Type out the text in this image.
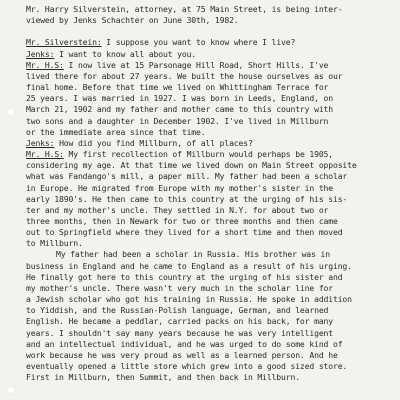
Mr. Harry Silverstein, attorney, at 75 Main Street, is being inter-
viewed by Jenks Schachter on June 30th, 1982.

Mr. Silverstein: I suppose you want to know where I live?
Jenks: I want to know all about you.
Mr. H.S: I now live at 15 Parsonage Hill Road, Short Hills. I've
lived there for about 27 years. We built the house ourselves as our
final home. Before that time we lived on Whittingham Terrace for
25 years. I was married in 1927. I was born in Leeds, England, on
March 21, 1902 and my father and mother came to this country with
two sons and a daughter in December 1902. I've lived in Millburn
or the immediate area since that time.
Jenks: How did you find Millburn, of all places?
Mr. H.S: My first recollection of Millburn would perhaps be 1905,
considering my age. At that time we lived down on Main Street opposite
what was Fandango's mill, a paper mill. My father had been a scholar
in Europe. He migrated from Europe with my mother's sister in the
early 1890's. He then came to this country at the urging of his sis-
ter and my mother's uncle. They settled in N.Y. for about two or
three months, then in Newark for two or three months and then came
out to Springfield where they lived for a short time and then moved
to Millburn.
My father had been a scholar in Russia. His brother was in
business in England and he came to England as a result of his urging.
He finally got here to this country at the urging of his sister and
my mother's uncle. There wasn't very much in the scholar line for
a Jewish scholar who got his training in Russia. He spoke in addition
to Yiddish, and the Russian-Polish language, German, and learned
English. He became a peddlar, carried packs on his back, for many
years. I shouldn't say many years because he was very intelligent
and an intellectual individual, and he was urged to do some kind of
work because he was very proud as well as a learned person. And he
eventually opened a little store which grew into a good sized store.
First in Millburn, then Summit, and then back in Millburn.
